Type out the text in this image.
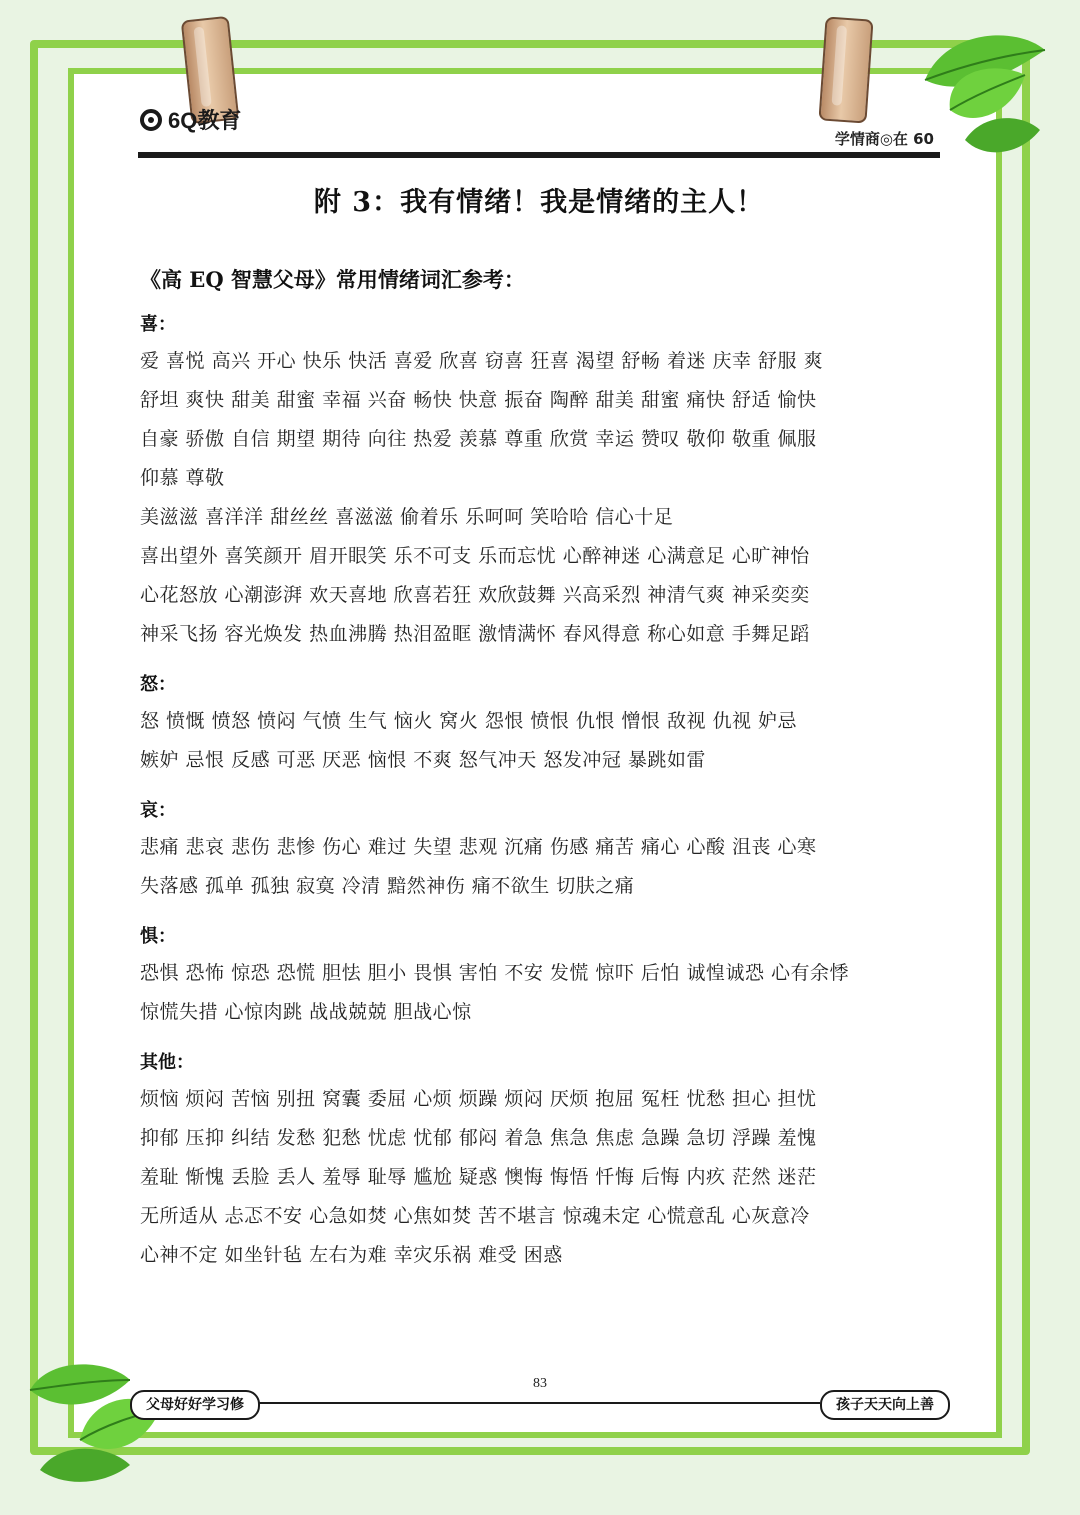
6Q教育
学情商◎在 60
附 3：我有情绪！我是情绪的主人！
《高 EQ 智慧父母》常用情绪词汇参考：
喜：
爱 喜悦 高兴 开心 快乐 快活 喜爱 欣喜 窃喜 狂喜 渴望 舒畅 着迷 庆幸 舒服 爽
舒坦 爽快 甜美 甜蜜 幸福 兴奋 畅快 快意 振奋 陶醉 甜美 甜蜜 痛快 舒适 愉快
自豪 骄傲 自信 期望 期待 向往 热爱 羡慕 尊重 欣赏 幸运 赞叹 敬仰 敬重 佩服
仰慕 尊敬
美滋滋 喜洋洋 甜丝丝 喜滋滋 偷着乐 乐呵呵 笑哈哈 信心十足
喜出望外 喜笑颜开 眉开眼笑 乐不可支 乐而忘忧 心醉神迷 心满意足 心旷神怡
心花怒放 心潮澎湃 欢天喜地 欣喜若狂 欢欣鼓舞 兴高采烈 神清气爽 神采奕奕
神采飞扬 容光焕发 热血沸腾 热泪盈眶 激情满怀 春风得意 称心如意 手舞足蹈
怒：
怒 愤慨 愤怒 愤闷 气愤 生气 恼火 窝火 怨恨 愤恨 仇恨 憎恨 敌视 仇视 妒忌
嫉妒 忌恨 反感 可恶 厌恶 恼恨 不爽 怒气冲天 怒发冲冠 暴跳如雷
哀：
悲痛 悲哀 悲伤 悲惨 伤心 难过 失望 悲观 沉痛 伤感 痛苦 痛心 心酸 沮丧 心寒
失落感 孤单 孤独 寂寞 冷清 黯然神伤 痛不欲生 切肤之痛
惧：
恐惧 恐怖 惊恐 恐慌 胆怯 胆小 畏惧 害怕 不安 发慌 惊吓 后怕 诚惶诚恐 心有余悸
惊慌失措 心惊肉跳 战战兢兢 胆战心惊
其他：
烦恼 烦闷 苦恼 别扭 窝囊 委屈 心烦 烦躁 烦闷 厌烦 抱屈 冤枉 忧愁 担心 担忧
抑郁 压抑 纠结 发愁 犯愁 忧虑 忧郁 郁闷 着急 焦急 焦虑 急躁 急切 浮躁 羞愧
羞耻 惭愧 丢脸 丢人 羞辱 耻辱 尴尬 疑惑 懊悔 悔悟 忏悔 后悔 内疚 茫然 迷茫
无所适从 忐忑不安 心急如焚 心焦如焚 苦不堪言 惊魂未定 心慌意乱 心灰意冷
心神不定 如坐针毡 左右为难 幸灾乐祸 难受 困惑
83
父母好好学习修	孩子天天向上善
